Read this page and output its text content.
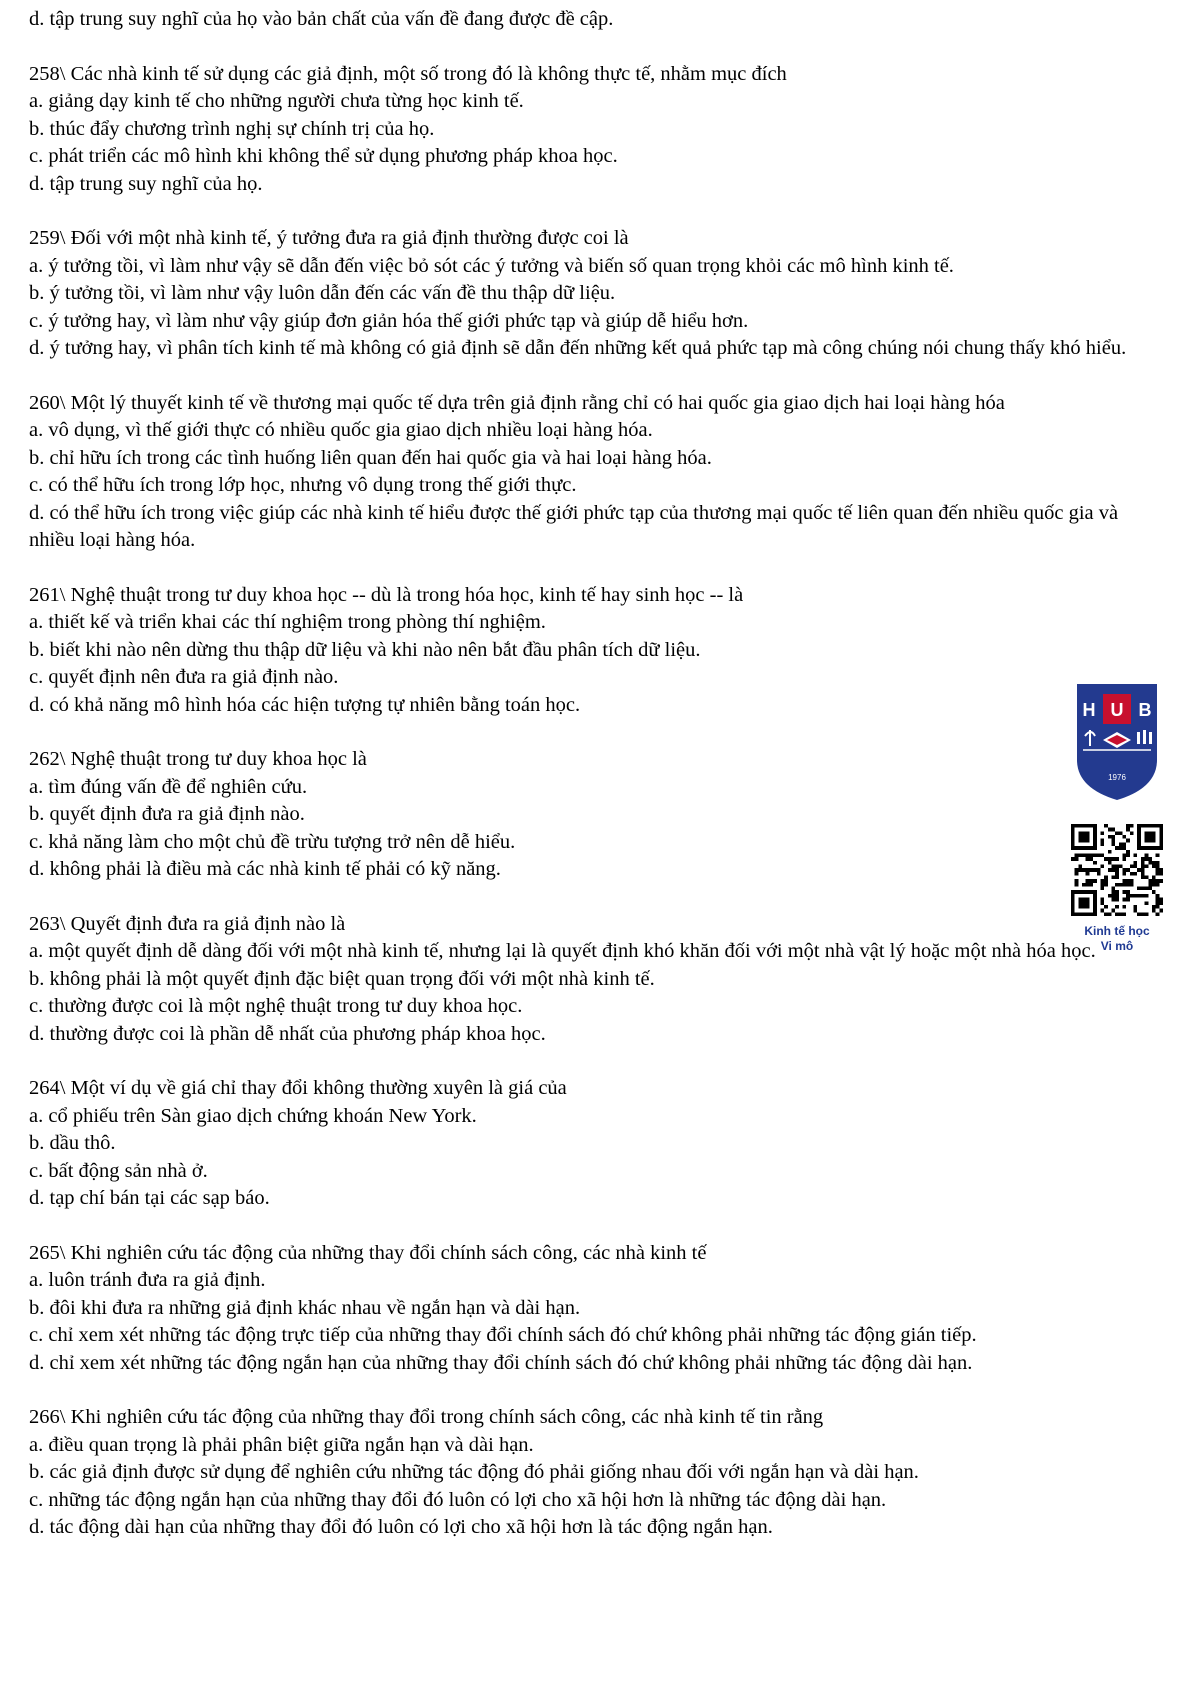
d. tập trung suy nghĩ của họ vào bản chất của vấn đề đang được đề cập.
258\ Các nhà kinh tế sử dụng các giả định, một số trong đó là không thực tế, nhằm mục đích
a. giảng dạy kinh tế cho những người chưa từng học kinh tế.
b. thúc đẩy chương trình nghị sự chính trị của họ.
c. phát triển các mô hình khi không thể sử dụng phương pháp khoa học.
d. tập trung suy nghĩ của họ.
259\ Đối với một nhà kinh tế, ý tưởng đưa ra giả định thường được coi là
a. ý tưởng tồi, vì làm như vậy sẽ dẫn đến việc bỏ sót các ý tưởng và biến số quan trọng khỏi các mô hình kinh tế.
b. ý tưởng tồi, vì làm như vậy luôn dẫn đến các vấn đề thu thập dữ liệu.
c. ý tưởng hay, vì làm như vậy giúp đơn giản hóa thế giới phức tạp và giúp dễ hiểu hơn.
d. ý tưởng hay, vì phân tích kinh tế mà không có giả định sẽ dẫn đến những kết quả phức tạp mà công chúng nói chung thấy khó hiểu.
260\ Một lý thuyết kinh tế về thương mại quốc tế dựa trên giả định rằng chỉ có hai quốc gia giao dịch hai loại hàng hóa
a. vô dụng, vì thế giới thực có nhiều quốc gia giao dịch nhiều loại hàng hóa.
b. chỉ hữu ích trong các tình huống liên quan đến hai quốc gia và hai loại hàng hóa.
c. có thể hữu ích trong lớp học, nhưng vô dụng trong thế giới thực.
d. có thể hữu ích trong việc giúp các nhà kinh tế hiểu được thế giới phức tạp của thương mại quốc tế liên quan đến nhiều quốc gia và nhiều loại hàng hóa.
261\ Nghệ thuật trong tư duy khoa học -- dù là trong hóa học, kinh tế hay sinh học -- là
a. thiết kế và triển khai các thí nghiệm trong phòng thí nghiệm.
b. biết khi nào nên dừng thu thập dữ liệu và khi nào nên bắt đầu phân tích dữ liệu.
c. quyết định nên đưa ra giả định nào.
d. có khả năng mô hình hóa các hiện tượng tự nhiên bằng toán học.
262\ Nghệ thuật trong tư duy khoa học là
a. tìm đúng vấn đề để nghiên cứu.
b. quyết định đưa ra giả định nào.
c. khả năng làm cho một chủ đề trừu tượng trở nên dễ hiểu.
d. không phải là điều mà các nhà kinh tế phải có kỹ năng.
263\ Quyết định đưa ra giả định nào là
a. một quyết định dễ dàng đối với một nhà kinh tế, nhưng lại là quyết định khó khăn đối với một nhà vật lý hoặc một nhà hóa học.
b. không phải là một quyết định đặc biệt quan trọng đối với một nhà kinh tế.
c. thường được coi là một nghệ thuật trong tư duy khoa học.
d. thường được coi là phần dễ nhất của phương pháp khoa học.
264\ Một ví dụ về giá chỉ thay đổi không thường xuyên là giá của
a. cổ phiếu trên Sàn giao dịch chứng khoán New York.
b. dầu thô.
c. bất động sản nhà ở.
d. tạp chí bán tại các sạp báo.
265\ Khi nghiên cứu tác động của những thay đổi chính sách công, các nhà kinh tế
a. luôn tránh đưa ra giả định.
b. đôi khi đưa ra những giả định khác nhau về ngắn hạn và dài hạn.
c. chỉ xem xét những tác động trực tiếp của những thay đổi chính sách đó chứ không phải những tác động gián tiếp.
d. chỉ xem xét những tác động ngắn hạn của những thay đổi chính sách đó chứ không phải những tác động dài hạn.
266\ Khi nghiên cứu tác động của những thay đổi trong chính sách công, các nhà kinh tế tin rằng
a. điều quan trọng là phải phân biệt giữa ngắn hạn và dài hạn.
b. các giả định được sử dụng để nghiên cứu những tác động đó phải giống nhau đối với ngắn hạn và dài hạn.
c. những tác động ngắn hạn của những thay đổi đó luôn có lợi cho xã hội hơn là những tác động dài hạn.
d. tác động dài hạn của những thay đổi đó luôn có lợi cho xã hội hơn là tác động ngắn hạn.
H U B
1976
Kinh tế học
Vi mô
